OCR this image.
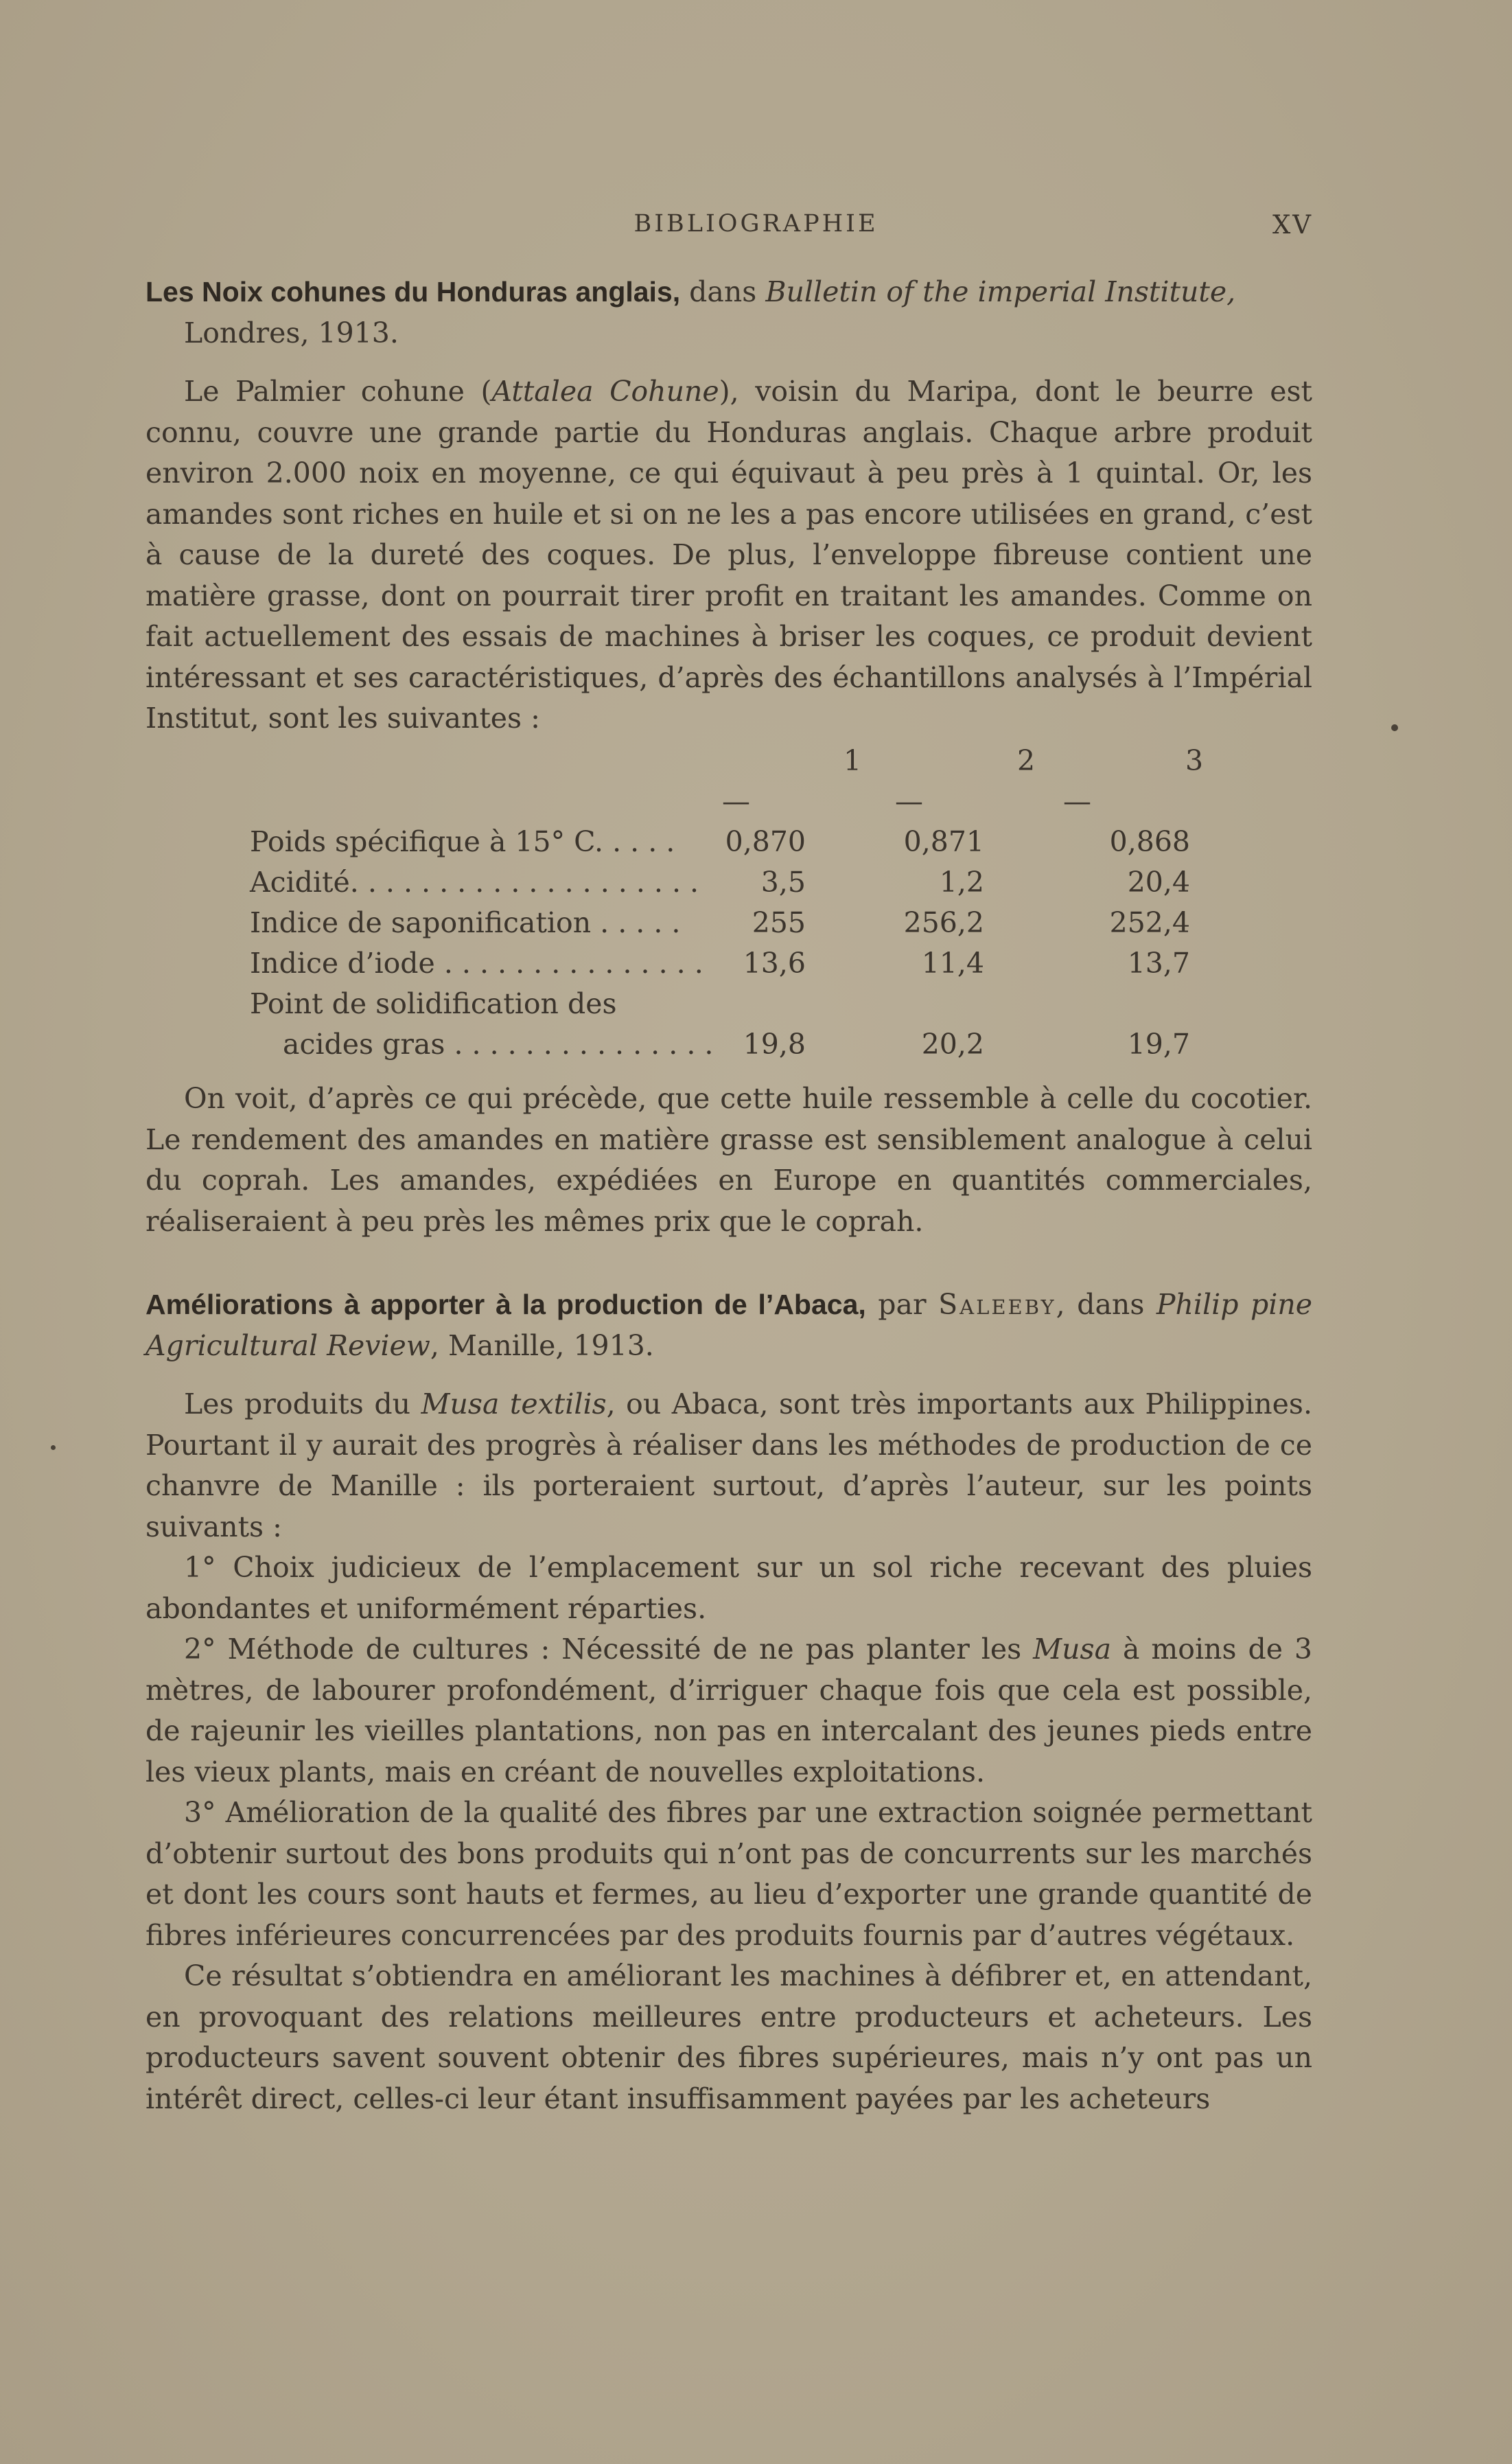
BIBLIOGRAPHIE	XV

Les Noix cohunes du Honduras anglais, dans Bulletin of the imperial Institute,

Londres, 1913.

Le Palmier cohune (Attalea Cohune), voisin du Maripa, dont le beurre est connu, couvre une grande partie du Honduras anglais. Chaque arbre produit environ 2.000 noix en moyenne, ce qui équivaut à peu près à 1 quintal. Or, les amandes sont riches en huile et si on ne les a pas encore utilisées en grand, c’est à cause de la dureté des coques. De plus, l’enveloppe fibreuse contient une matière grasse, dont on pourrait tirer profit en traitant les amandes. Comme on fait actuellement des essais de machines à briser les coques, ce produit devient intéressant et ses caractéristiques, d’après des échantillons analysés à l’Impérial Institut, sont les suivantes :

1	2	3
—	—	—
Poids spécifique à 15° C. . . . .	0,870	0,871	0,868
Acidité. . . . . . . . . . . . . . . . . . . .	3,5	1,2	20,4
Indice de saponification . . . . .	255	256,2	252,4
Indice d’iode . . . . . . . . . . . . . . .	13,6	11,4	13,7
Point de solidification des
acides gras . . . . . . . . . . . . . . .	19,8	20,2	19,7

On voit, d’après ce qui précède, que cette huile ressemble à celle du cocotier. Le rendement des amandes en matière grasse est sensiblement analogue à celui du coprah. Les amandes, expédiées en Europe en quantités commerciales, réaliseraient à peu près les mêmes prix que le coprah.

Améliorations à apporter à la production de l’Abaca, par Saleeby, dans Philip pine Agricultural Review, Manille, 1913.

Les produits du Musa textilis, ou Abaca, sont très importants aux Philippines. Pourtant il y aurait des progrès à réaliser dans les méthodes de production de ce chanvre de Manille : ils porteraient surtout, d’après l’auteur, sur les points suivants :

1° Choix judicieux de l’emplacement sur un sol riche recevant des pluies abondantes et uniformément réparties.

2° Méthode de cultures : Nécessité de ne pas planter les Musa à moins de 3 mètres, de labourer profondément, d’irriguer chaque fois que cela est possible, de rajeunir les vieilles plantations, non pas en intercalant des jeunes pieds entre les vieux plants, mais en créant de nouvelles exploitations.

3° Amélioration de la qualité des fibres par une extraction soignée permettant d’obtenir surtout des bons produits qui n’ont pas de concurrents sur les marchés et dont les cours sont hauts et fermes, au lieu d’exporter une grande quantité de fibres inférieures concurrencées par des produits fournis par d’autres végétaux.

Ce résultat s’obtiendra en améliorant les machines à défibrer et, en attendant, en provoquant des relations meilleures entre producteurs et acheteurs. Les producteurs savent souvent obtenir des fibres supérieures, mais n’y ont pas un intérêt direct, celles-ci leur étant insuffisamment payées par les acheteurs
